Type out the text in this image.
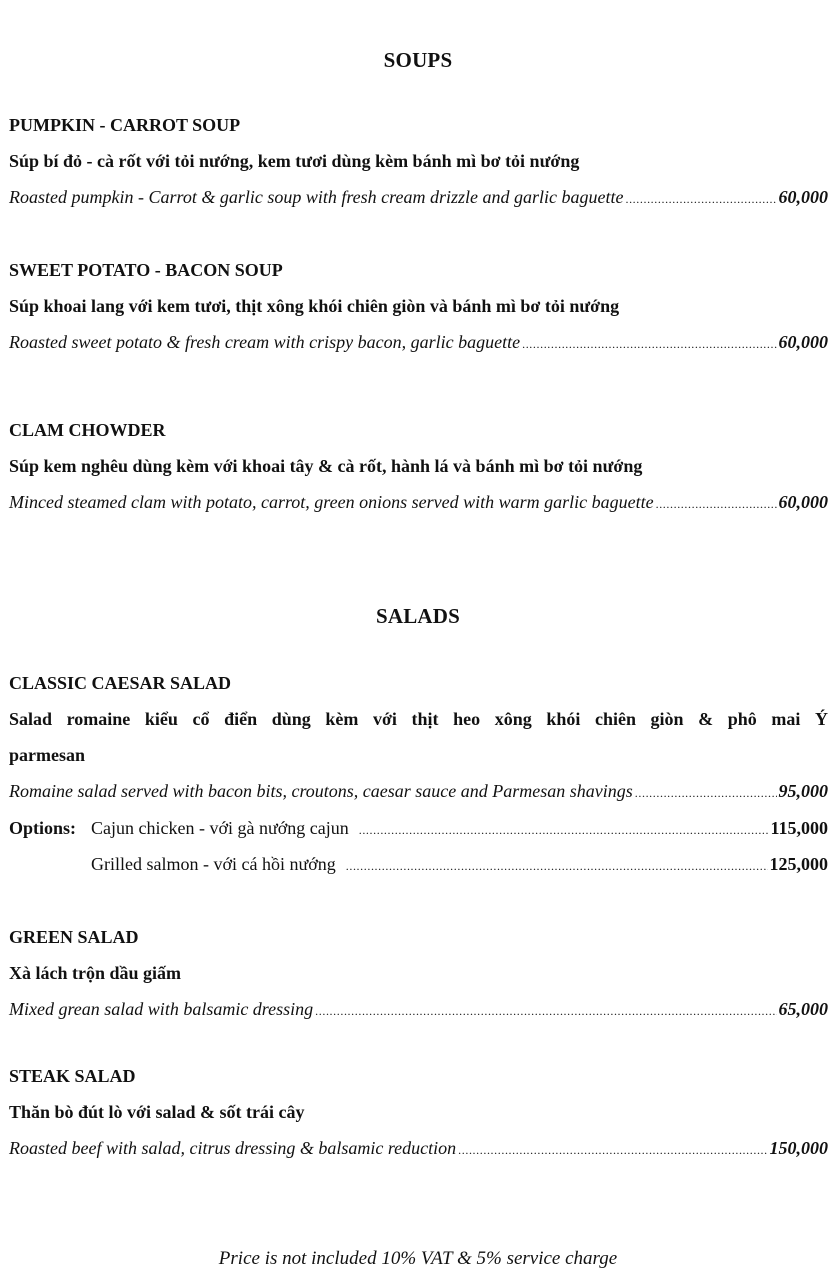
SOUPS
PUMPKIN - CARROT SOUP
Súp bí đỏ - cà rốt với tỏi nướng, kem tươi dùng kèm bánh mì bơ tỏi nướng
Roasted pumpkin - Carrot & garlic soup with fresh cream drizzle and garlic baguette .....	60,000
SWEET POTATO - BACON SOUP
Súp khoai lang với kem tươi, thịt xông khói chiên giòn và bánh mì bơ tỏi nướng
Roasted sweet potato & fresh cream with crispy bacon, garlic baguette .....	60,000
CLAM CHOWDER
Súp kem nghêu dùng kèm với khoai tây & cà rốt, hành lá và bánh mì bơ tỏi nướng
Minced steamed clam with potato, carrot, green onions served with warm garlic baguette .....	60,000
SALADS
CLASSIC CAESAR SALAD
Salad romaine kiểu cổ điển dùng kèm với thịt heo xông khói chiên giòn & phô mai Ý
parmesan
Romaine salad served with bacon bits, croutons, caesar sauce and Parmesan shavings .....	95,000
Options: Cajun chicken - với gà nướng cajun .....	115,000
Grilled salmon - với cá hồi nướng .....	125,000
GREEN SALAD
Xà lách trộn dầu giấm
Mixed grean salad with balsamic dressing .....	65,000
STEAK SALAD
Thăn bò đút lò với salad & sốt trái cây
Roasted beef with salad, citrus dressing & balsamic reduction .....	150,000
Price is not included 10% VAT & 5% service charge
